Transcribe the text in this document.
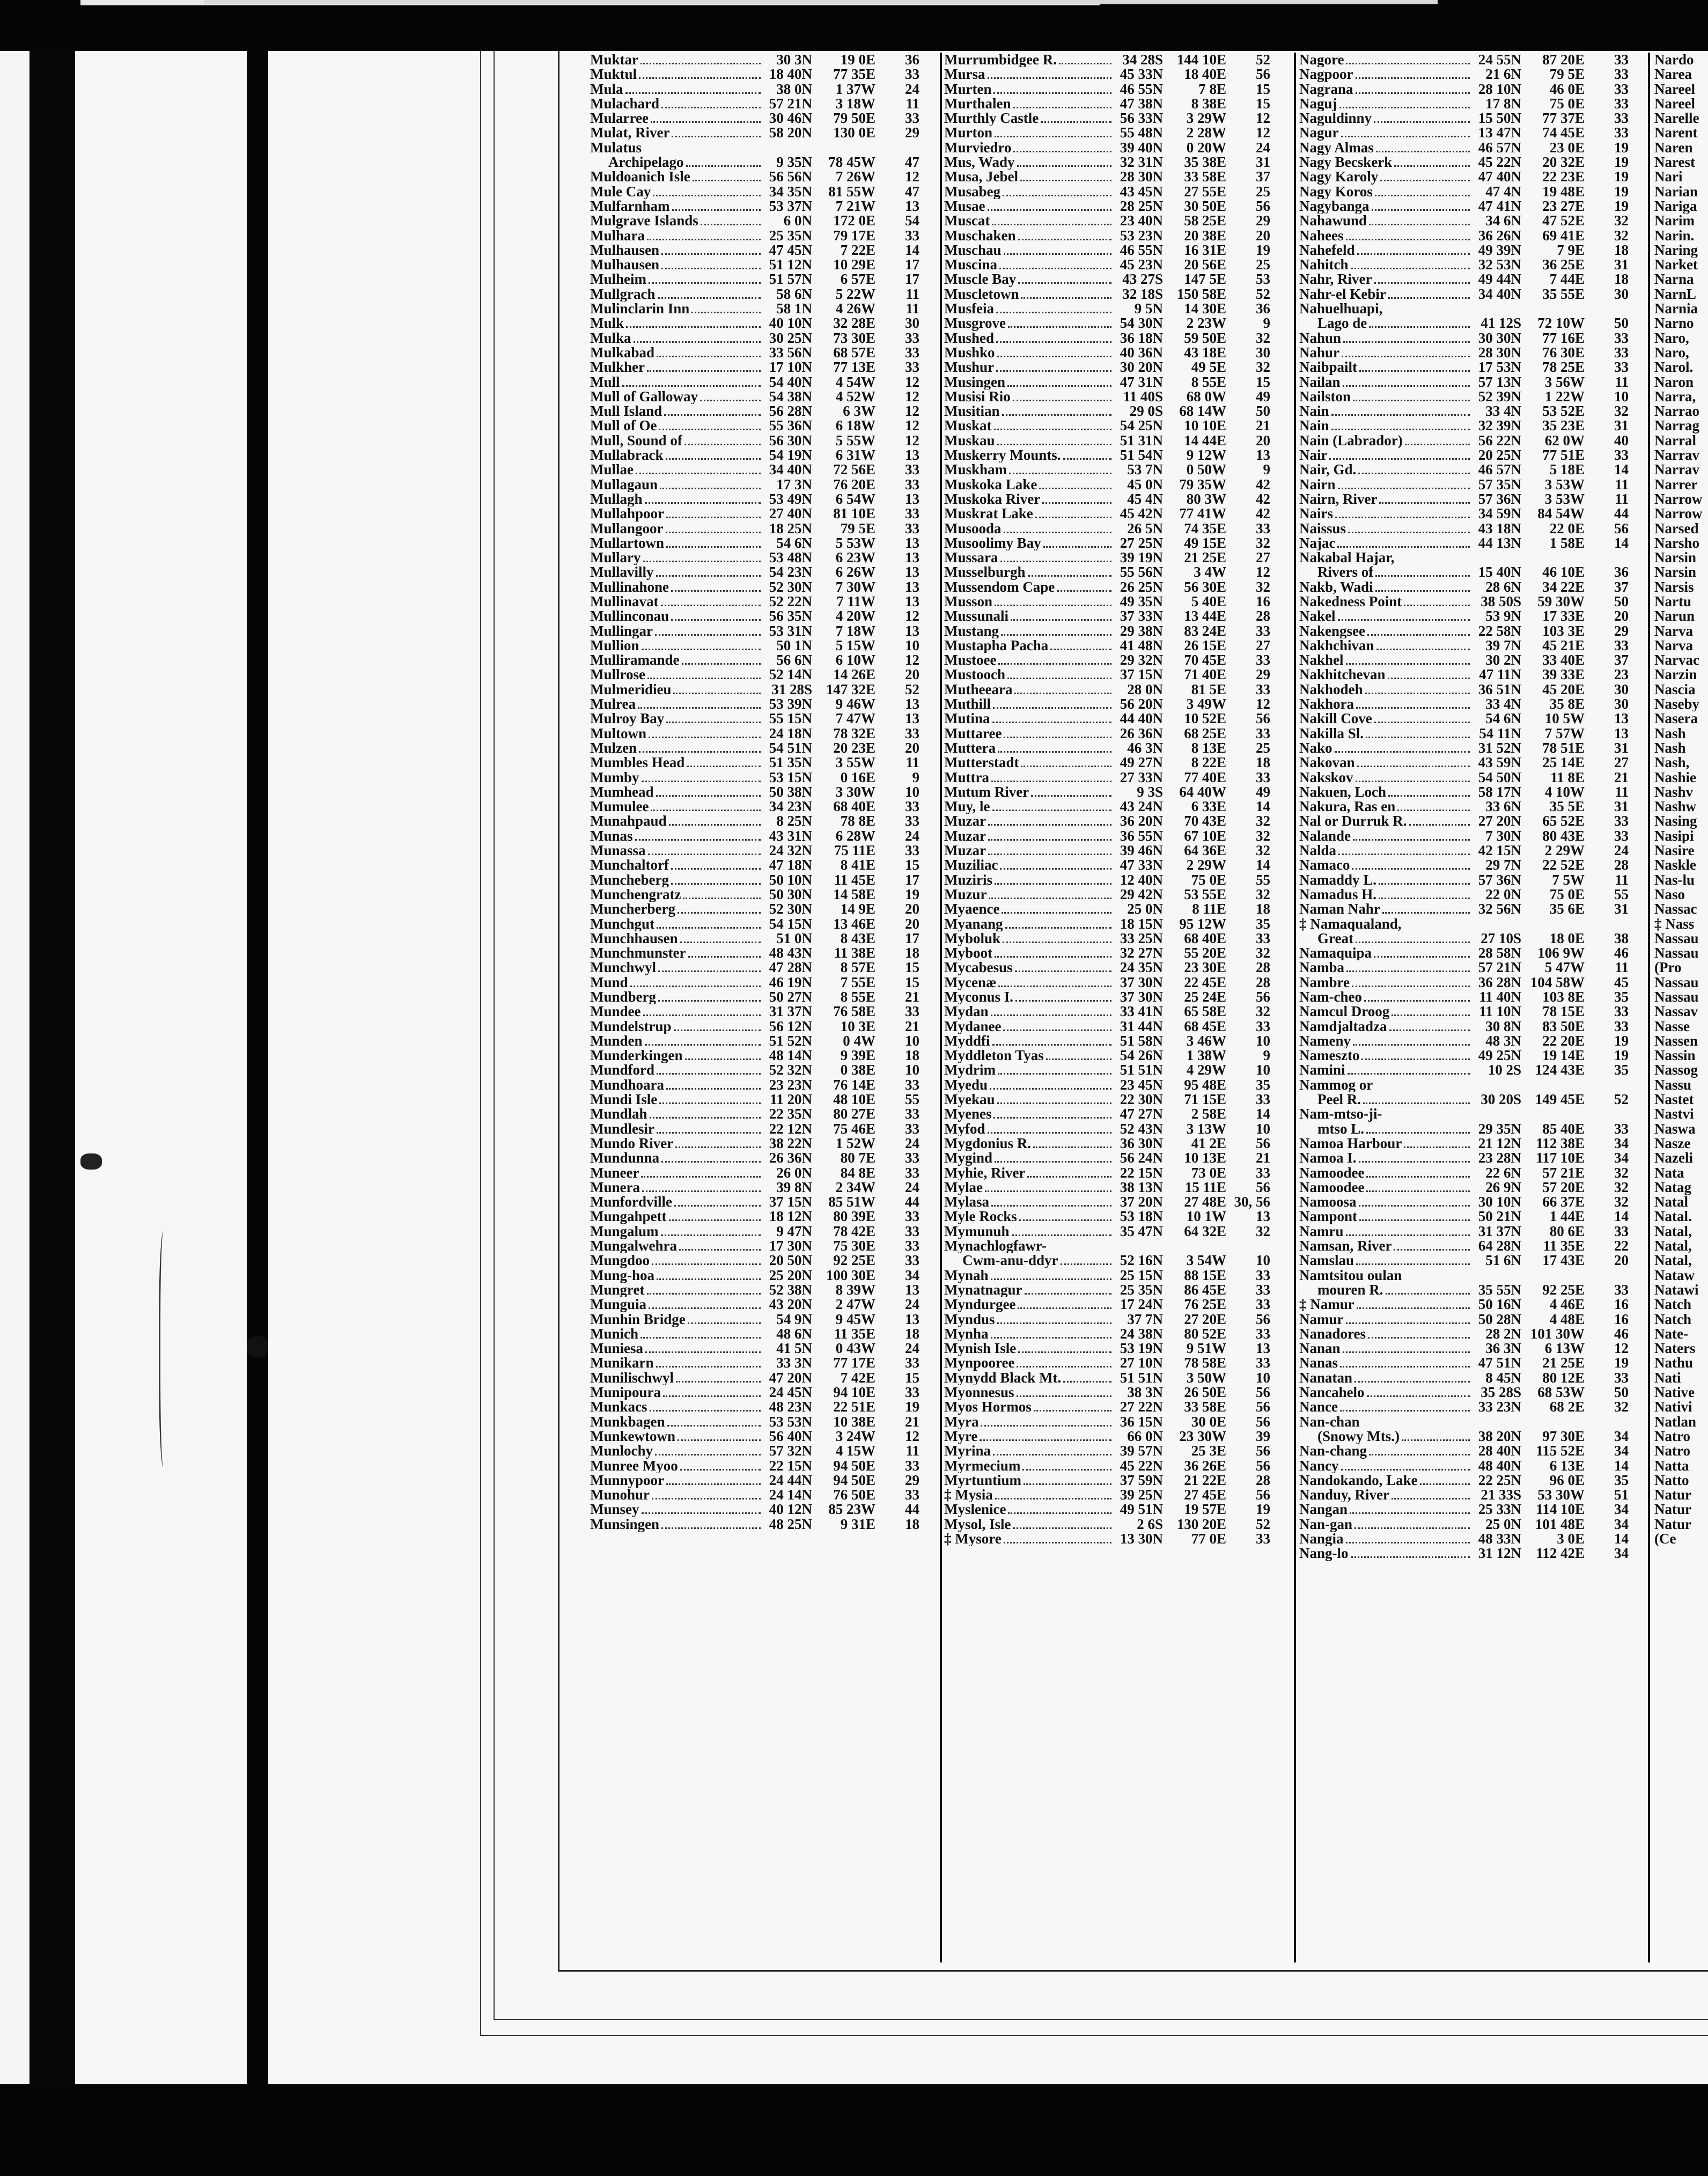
Muktar	30 3N	19 0E	36
Muktul	18 40N	77 35E	33
Mula	38 0N	1 37W	24
Mulachard	57 21N	3 18W	11
Mularree	30 46N	79 50E	33
Mulat, River	58 20N	130 0E	29
Mulatus
Archipelago	9 35N	78 45W	47
Muldoanich Isle	56 56N	7 26W	12
Mule Cay	34 35N	81 55W	47
Mulfarnham	53 37N	7 21W	13
Mulgrave Islands	6 0N	172 0E	54
Mulhara	25 35N	79 17E	33
Mulhausen	47 45N	7 22E	14
Mulhausen	51 12N	10 29E	17
Mulheim	51 57N	6 57E	17
Mullgrach	58 6N	5 22W	11
Mulinclarin Inn	58 1N	4 26W	11
Mulk	40 10N	32 28E	30
Mulka	30 25N	73 30E	33
Mulkabad	33 56N	68 57E	33
Mulkher	17 10N	77 13E	33
Mull	54 40N	4 54W	12
Mull of Galloway	54 38N	4 52W	12
Mull Island	56 28N	6 3W	12
Mull of Oe	55 36N	6 18W	12
Mull, Sound of	56 30N	5 55W	12
Mullabrack	54 19N	6 31W	13
Mullae	34 40N	72 56E	33
Mullagaun	17 3N	76 20E	33
Mullagh	53 49N	6 54W	13
Mullahpoor	27 40N	81 10E	33
Mullangoor	18 25N	79 5E	33
Mullartown	54 6N	5 53W	13
Mullary	53 48N	6 23W	13
Mullavilly	54 23N	6 26W	13
Mullinahone	52 30N	7 30W	13
Mullinavat	52 22N	7 11W	13
Mullinconau	56 35N	4 20W	12
Mullingar	53 31N	7 18W	13
Mullion	50 1N	5 15W	10
Mulliramande	56 6N	6 10W	12
Mullrose	52 14N	14 26E	20
Mulmeridieu	31 28S 147 32E	52
Mulrea	53 39N	9 46W	13
Mulroy Bay	55 15N	7 47W	13
Multown	24 18N	78 32E	33
Mulzen	54 51N	20 23E	20
Mumbles Head	51 35N	3 55W	11
Mumby	53 15N	0 16E	9
Mumhead	50 38N	3 30W	10
Mumulee	34 23N	68 40E	33
Munahpaud	8 25N	78 8E	33
Munas	43 31N	6 28W	24
Munassa	24 32N	75 11E	33
Munchaltorf	47 18N	8 41E	15
Muncheberg	50 10N	11 45E	17
Munchengratz	50 30N	14 58E	19
Muncherberg	52 30N	14 9E	20
Munchgut	54 15N	13 46E	20
Munchhausen	51 0N	8 43E	17
Munchmunster	48 43N	11 38E	18
Munchwyl	47 28N	8 57E	15
Mund	46 19N	7 55E	15
Mundberg	50 27N	8 55E	21
Mundee	31 37N	76 58E	33
Mundelstrup	56 12N	10 3E	21
Munden	51 52N	0 4W	10
Munderkingen	48 14N	9 39E	18
Mundford	52 32N	0 38E	10
Mundhoara	23 23N	76 14E	33
Mundi Isle	11 20N	48 10E	55
Mundlah	22 35N	80 27E	33
Mundlesir	22 12N	75 46E	33
Mundo River	38 22N	1 52W	24
Mundunna	26 36N	80 7E	33
Muneer	26 0N	84 8E	33
Munera	39 8N	2 34W	24
Munfordville	37 15N	85 51W	44
Mungahpett	18 12N	80 39E	33
Mungalum	9 47N	78 42E	33
Mungalwehra	17 30N	75 30E	33
Mungdoo	20 50N	92 25E	33
Mung-hoa	25 20N 100 30E	34
Mungret	52 38N	8 39W	13
Munguia	43 20N	2 47W	24
Munhin Bridge	54 9N	9 45W	13
Munich	48 6N	11 35E	18
Muniesa	41 5N	0 43W	24
Munikarn	33 3N	77 17E	33
Munilischwyl	47 20N	7 42E	15
Munipoura	24 45N	94 10E	33
Munkacs	48 23N	22 51E	19
Munkbagen	53 53N	10 38E	21
Munkewtown	56 40N	3 24W	12
Munlochy	57 32N	4 15W	11
Munree Myoo	22 15N	94 50E	33
Munnypoor	24 44N	94 50E	29
Munohur	24 14N	76 50E	33
Munsey	40 12N	85 23W	44
Munsingen	48 25N	9 31E	18
Murrumbidgee R.	34 28S 144 10E	52
Mursa	45 33N	18 40E	56
Murten	46 55N	7 8E	15
Murthalen	47 38N	8 38E	15
Murthly Castle	56 33N	3 29W	12
Murton	55 48N	2 28W	12
Murviedro	39 40N	0 20W	24
Mus, Wady	32 31N	35 38E	31
Musa, Jebel	28 30N	33 58E	37
Musabeg	43 45N	27 55E	25
Musae	28 25N	30 50E	56
Muscat	23 40N	58 25E	29
Muschaken	53 23N	20 38E	20
Muschau	46 55N	16 31E	19
Muscina	45 23N	20 56E	25
Muscle Bay	43 27S	147 5E	53
Muscletown	32 18S 150 58E	52
Musfeia	9 5N	14 30E	36
Musgrove	54 30N	2 23W	9
Mushed	36 18N	59 50E	32
Mushko	40 36N	43 18E	30
Mushur	30 20N	49 5E	32
Musingen	47 31N	8 55E	15
Musisi Rio	11 40S	68 0W	49
Musitian	29 0S	68 14W	50
Muskat	54 25N	10 10E	21
Muskau	51 31N	14 44E	20
Muskerry Mounts.	51 54N	9 12W	13
Muskham	53 7N	0 50W	9
Muskoka Lake	45 0N	79 35W	42
Muskoka River	45 4N	80 3W	42
Muskrat Lake	45 42N	77 41W	42
Musooda	26 5N	74 35E	33
Musoolimy Bay	27 25N	49 15E	32
Mussara	39 19N	21 25E	27
Musselburgh	55 56N	3 4W	12
Mussendom Cape	26 25N	56 30E	32
Musson	49 35N	5 40E	16
Mussunali	37 33N	13 44E	28
Mustang	29 38N	83 24E	33
Mustapha Pacha	41 48N	26 15E	27
Mustoee	29 32N	70 45E	33
Mustooch	37 15N	71 40E	29
Mutheeara	28 0N	81 5E	33
Muthill	56 20N	3 49W	12
Mutina	44 40N	10 52E	56
Muttaree	26 36N	68 25E	33
Muttera	46 3N	8 13E	25
Mutterstadt	49 27N	8 22E	18
Muttra	27 33N	77 40E	33
Mutum River	9 3S	64 40W	49
Muy, le	43 24N	6 33E	14
Muzar	36 20N	70 43E	32
Muzar	36 55N	67 10E	32
Muzar	39 46N	64 36E	32
Muziliac	47 33N	2 29W	14
Muziris	12 40N	75 0E	55
Muzur	29 42N	53 55E	32
Myaence	25 0N	8 11E	18
Myanang	18 15N	95 12W	35
Myboluk	33 25N	68 40E	33
Myboot	32 27N	55 20E	32
Mycabesus	24 35N	23 30E	28
Mycenæ	37 30N	22 45E	28
Myconus I.	37 30N	25 24E	56
Mydan	33 41N	65 58E	32
Mydanee	31 44N	68 45E	33
Myddfi	51 58N	3 46W	10
Myddleton Tyas	54 26N	1 38W	9
Mydrim	51 51N	4 29W	10
Myedu	23 45N	95 48E	35
Myekau	22 30N	71 15E	33
Myenes	47 27N	2 58E	14
Myfod	52 43N	3 13W	10
Mygdonius R.	36 30N	41 2E	56
Mygind	56 24N	10 13E	21
Myhie, River	22 15N	73 0E	33
Mylae	38 13N	15 11E	56
Mylasa	37 20N	27 48E 30, 56
Myle Rocks	53 18N	10 1W	13
Mymunuh	35 47N	64 32E	32
Mynachlogfawr-
Cwm-anu-ddyr	52 16N	3 54W	10
Mynah	25 15N	88 15E	33
Mynatnagur	25 35N	86 45E	33
Myndurgee	17 24N	76 25E	33
Myndus	37 7N	27 20E	56
Mynha	24 38N	80 52E	33
Mynish Isle	53 19N	9 51W	13
Mynpooree	27 10N	78 58E	33
Mynydd Black Mt.	51 51N	3 50W	10
Myonnesus	38 3N	26 50E	56
Myos Hormos	27 22N	33 58E	56
Myra	36 15N	30 0E	56
Myre	66 0N	23 30W	39
Myrina	39 57N	25 3E	56
Myrmecium	45 22N	36 26E	56
Myrtuntium	37 59N	21 22E	28
‡ Mysia	39 25N	27 45E	56
Myslenice	49 51N	19 57E	19
Mysol, Isle	2 6S 130 20E	52
‡ Mysore	13 30N	77 0E	33
Nagore	24 55N	87 20E	33
Nagpoor	21 6N	79 5E	33
Nagrana	28 10N	46 0E	33
Naguj	17 8N	75 0E	33
Naguldinny	15 50N	77 37E	33
Nagur	13 47N	74 45E	33
Nagy Almas	46 57N	23 0E	19
Nagy Becskerk	45 22N	20 32E	19
Nagy Karoly	47 40N	22 23E	19
Nagy Koros	47 4N	19 48E	19
Nagybanga	47 41N	23 27E	19
Nahawund	34 6N	47 52E	32
Nahees	36 26N	69 41E	32
Nahefeld	49 39N	7 9E	18
Nahitch	32 53N	36 25E	31
Nahr, River	49 44N	7 44E	18
Nahr-el Kebir	34 40N	35 55E	30
Nahuelhuapi,
Lago de	41 12S	72 10W	50
Nahun	30 30N	77 16E	33
Nahur	28 30N	76 30E	33
Naibpailt	17 53N	78 25E	33
Nailan	57 13N	3 56W	11
Nailston	52 39N	1 22W	10
Nain	33 4N	53 52E	32
Nain	32 39N	35 23E	31
Nain (Labrador)	56 22N	62 0W	40
Nair	20 25N	77 51E	33
Nair, Gd.	46 57N	5 18E	14
Nairn	57 35N	3 53W	11
Nairn, River	57 36N	3 53W	11
Nairs	34 59N	84 54W	44
Naissus	43 18N	22 0E	56
Najac	44 13N	1 58E	14
Nakabal Hajar,
Rivers of	15 40N	46 10E	36
Nakb, Wadi	28 6N	34 22E	37
Nakedness Point	38 50S	59 30W	50
Nakel	53 9N	17 33E	20
Nakengsee	22 58N	103 3E	29
Nakhchivan	39 7N	45 21E	33
Nakhel	30 2N	33 40E	37
Nakhitchevan	47 11N	39 33E	23
Nakhodeh	36 51N	45 20E	30
Nakhora	33 4N	35 8E	30
Nakill Cove	54 6N	10 5W	13
Nakilla Sl.	54 11N	7 57W	13
Nako	31 52N	78 51E	31
Nakovan	43 59N	25 14E	27
Nakskov	54 50N	11 8E	21
Nakuen, Loch	58 17N	4 10W	11
Nakura, Ras en	33 6N	35 5E	31
Nal or Durruk R.	27 20N	65 52E	33
Nalande	7 30N	80 43E	33
Nalda	42 15N	2 29W	24
Namaco	29 7N	22 52E	28
Namaddy L.	57 36N	7 5W	11
Namadus H.	22 0N	75 0E	55
Naman Nahr	32 56N	35 6E	31
‡ Namaqualand,
Great	27 10S	18 0E	38
Namaquipa	28 58N	106 9W	46
Namba	57 21N	5 47W	11
Nambre	36 28N 104 58W	45
Nam-cheo	11 40N	103 8E	35
Namcul Droog	11 10N	78 15E	33
Namdjaltadza	30 8N	83 50E	33
Nameny	48 3N	22 20E	19
Nameszto	49 25N	19 14E	19
Namini	10 2S 124 43E	35
Nammog or
Peel R.	30 20S 149 45E	52
Nam-mtso-ji-
mtso L.	29 35N	85 40E	33
Namoa Harbour	21 12N	112 38E	34
Namoa I.	23 28N	117 10E	34
Namoodee	22 6N	57 21E	32
Namoodee	26 9N	57 20E	32
Namoosa	30 10N	66 37E	32
Nampont	50 21N	1 44E	14
Namru	31 37N	80 6E	33
Namsan, River	64 28N	11 35E	22
Namslau	51 6N	17 43E	20
Namtsitou oulan
mouren R.	35 55N	92 25E	33
‡ Namur	50 16N	4 46E	16
Namur	50 28N	4 48E	16
Nanadores	28 2N 101 30W	46
Nanan	36 3N	6 13W	12
Nanas	47 51N	21 25E	19
Nanatan	8 45N	80 12E	33
Nancahelo	35 28S	68 53W	50
Nance	33 23N	68 2E	32
Nan-chan
(Snowy Mts.)	38 20N	97 30E	34
Nan-chang	28 40N	115 52E	34
Nancy	48 40N	6 13E	14
Nandokando, Lake	22 25N	96 0E	35
Nanduy, River	21 33S	53 30W	51
Nangan	25 33N	114 10E	34
Nan-gan	25 0N 101 48E	34
Nangia	48 33N	3 0E	14
Nang-lo	31 12N	112 42E	34
Nardo
Narea
Nareel
Nareel
Narelle
Narent
Naren
Narest
Nari
Narian
Nariga
Narim
Narin.
Naring
Narket
Narna
NarnL
Narnia
Narno
Naro,
Naro,
Narol.
Naron
Narra,
Narrao
Narrag
Narral
Narrav
Narrav
Narrer
Narrow
Narrow
Narsed
Narsho
Narsin
Narsin
Narsis
Nartu
Narun
Narva
Narva
Narvac
Narzin
Nascia
Naseby
Nasera
Nash
Nash
Nash,
Nashie
Nashv
Nashw
Nasing
Nasipi
Nasire
Naskle
Nas-lu
Naso
Nassac
‡ Nass
Nassau
Nassau
(Pro
Nassau
Nassau
Nassav
Nasse
Nassen
Nassin
Nassog
Nassu
Nastet
Nastvi
Naswa
Nasze
Nazeli
Nata
Natag
Natal
Natal.
Natal,
Natal,
Natal,
Nataw
Natawi
Natch
Natch
Nate-
Naters
Nathu
Nati
Native
Nativi
Natlan
Natro
Natro
Natta
Natto
Natur
Natur
Natur
(Ce
